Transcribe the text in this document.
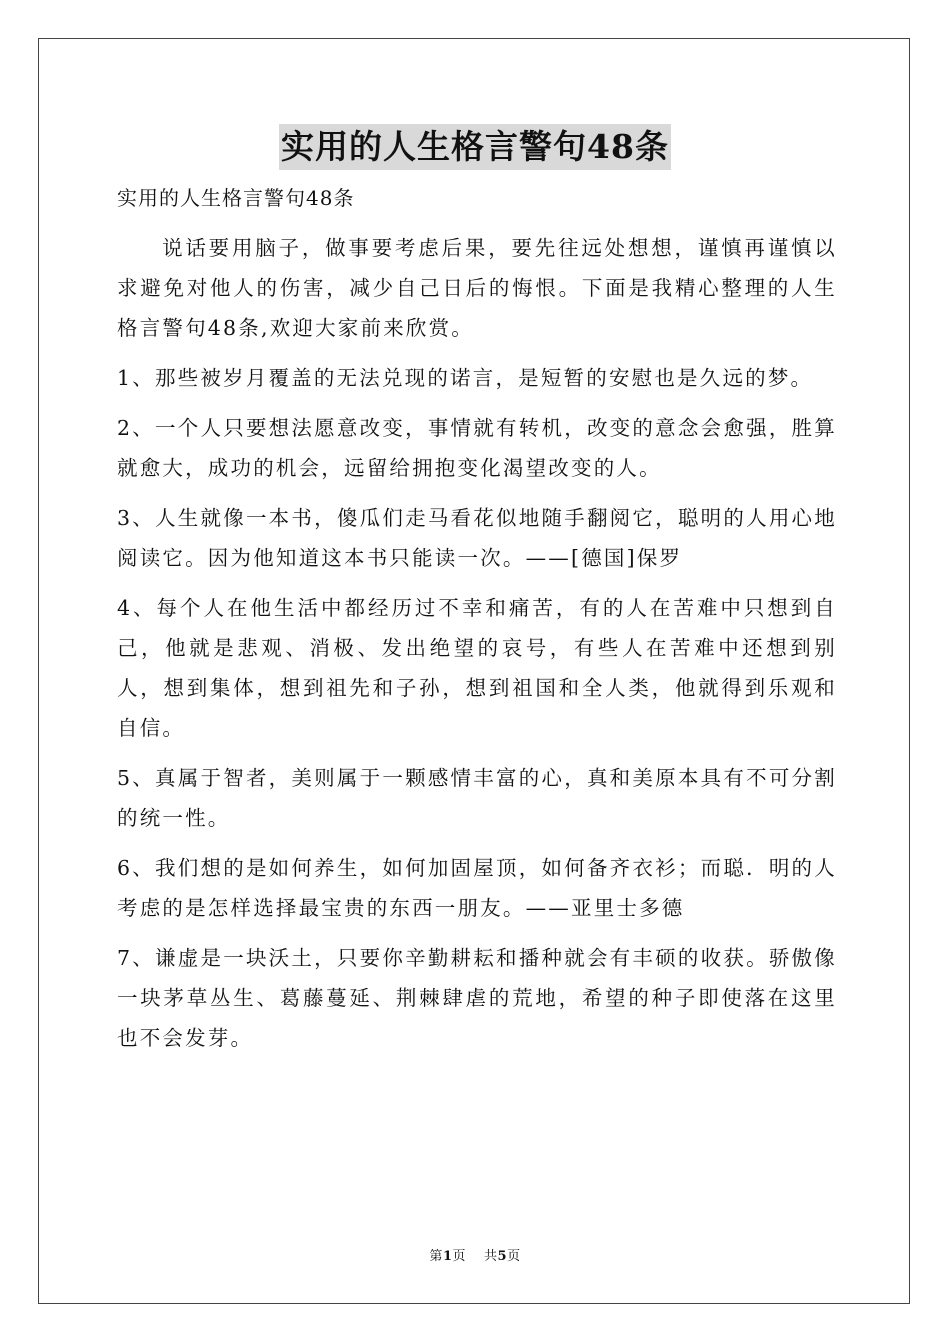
实用的人生格言警句48条
实用的人生格言警句48条

说话要用脑子，做事要考虑后果，要先往远处想想，谨慎再谨慎以求避免对他人的伤害，减少自己日后的悔恨。下面是我精心整理的人生格言警句48条,欢迎大家前来欣赏。

1、那些被岁月覆盖的无法兑现的诺言，是短暂的安慰也是久远的梦。

2、一个人只要想法愿意改变，事情就有转机，改变的意念会愈强，胜算就愈大，成功的机会，远留给拥抱变化渴望改变的人。

3、人生就像一本书，傻瓜们走马看花似地随手翻阅它，聪明的人用心地阅读它。因为他知道这本书只能读一次。——[德国]保罗

4、每个人在他生活中都经历过不幸和痛苦，有的人在苦难中只想到自己，他就是悲观、消极、发出绝望的哀号，有些人在苦难中还想到别人，想到集体，想到祖先和子孙，想到祖国和全人类，他就得到乐观和自信。

5、真属于智者，美则属于一颗感情丰富的心，真和美原本具有不可分割的统一性。

6、我们想的是如何养生，如何加固屋顶，如何备齐衣衫；而聪．明的人考虑的是怎样选择最宝贵的东西一朋友。——亚里士多德

7、谦虚是一块沃土，只要你辛勤耕耘和播种就会有丰硕的收获。骄傲像一块茅草丛生、葛藤蔓延、荆棘肆虐的荒地，希望的种子即使落在这里也不会发芽。

第1页 共5页
